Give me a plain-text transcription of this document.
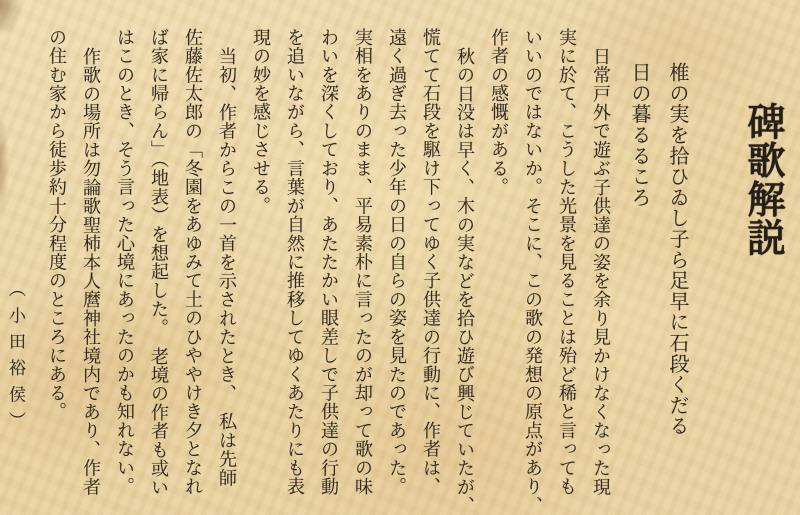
碑歌解説
椎の実を拾ひゐし子ら足早に石段くだる
日の暮るるころ
日常戸外で遊ぶ子供達の姿を余り見かけなくなった現
実に於て、こうした光景を見ることは殆ど稀と言っても
いいのではないか。そこに、この歌の発想の原点があり、
作者の感慨がある。
秋の日没は早く、木の実などを拾ひ遊び興じていたが、
慌てて石段を駆け下ってゆく子供達の行動に、作者は、
遠く過ぎ去った少年の日の自らの姿を見たのであった。
実相をありのまま、平易素朴に言ったのが却って歌の味
わいを深くしており、あたたかい眼差しで子供達の行動
を追いながら、言葉が自然に推移してゆくあたりにも表
現の妙を感じさせる。
当初、作者からこの一首を示されたとき、　私は先師
佐藤佐太郎の「冬園をあゆみて土のひややけき夕となれ
ば家に帰らん」（地表）を想起した。　老境の作者も或い
はこのとき、そう言った心境にあったのかも知れない。
作歌の場所は勿論歌聖柿本人麿神社境内であり、作者
の住む家から徒歩約十分程度のところにある。
（小田裕侯）
